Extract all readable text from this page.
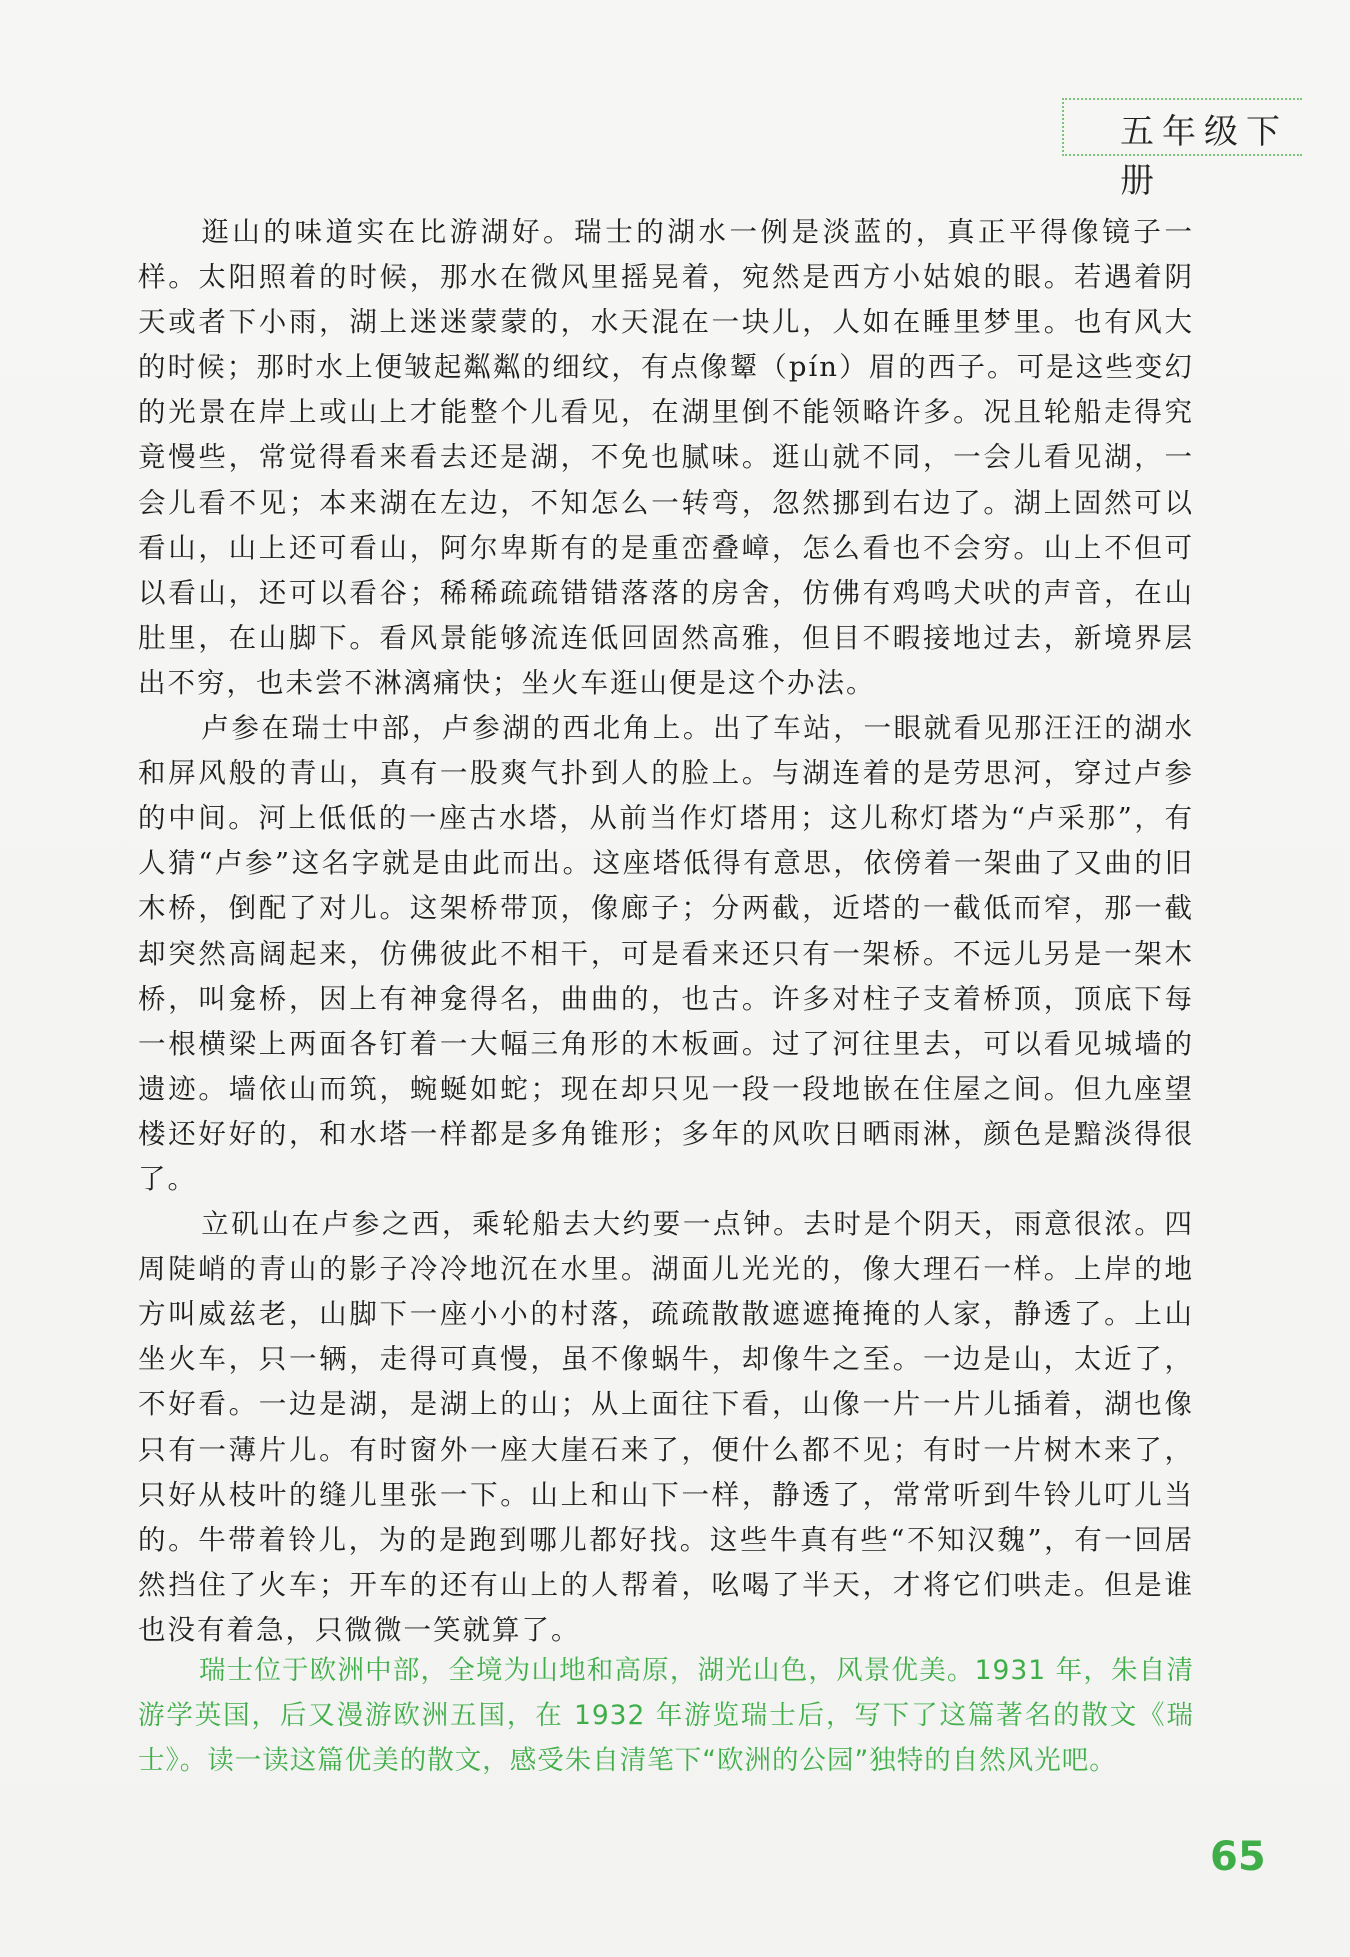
五年级下册

逛山的味道实在比游湖好。瑞士的湖水一例是淡蓝的，真正平得像镜子一样。太阳照着的时候，那水在微风里摇晃着，宛然是西方小姑娘的眼。若遇着阴天或者下小雨，湖上迷迷蒙蒙的，水天混在一块儿，人如在睡里梦里。也有风大的时候；那时水上便皱起粼粼的细纹，有点像颦（pín）眉的西子。可是这些变幻的光景在岸上或山上才能整个儿看见，在湖里倒不能领略许多。况且轮船走得究竟慢些，常觉得看来看去还是湖，不免也腻味。逛山就不同，一会儿看见湖，一会儿看不见；本来湖在左边，不知怎么一转弯，忽然挪到右边了。湖上固然可以看山，山上还可看山，阿尔卑斯有的是重峦叠嶂，怎么看也不会穷。山上不但可以看山，还可以看谷；稀稀疏疏错错落落的房舍，仿佛有鸡鸣犬吠的声音，在山肚里，在山脚下。看风景能够流连低回固然高雅，但目不暇接地过去，新境界层出不穷，也未尝不淋漓痛快；坐火车逛山便是这个办法。

卢参在瑞士中部，卢参湖的西北角上。出了车站，一眼就看见那汪汪的湖水和屏风般的青山，真有一股爽气扑到人的脸上。与湖连着的是劳思河，穿过卢参的中间。河上低低的一座古水塔，从前当作灯塔用；这儿称灯塔为“卢采那”，有人猜“卢参”这名字就是由此而出。这座塔低得有意思，依傍着一架曲了又曲的旧木桥，倒配了对儿。这架桥带顶，像廊子；分两截，近塔的一截低而窄，那一截却突然高阔起来，仿佛彼此不相干，可是看来还只有一架桥。不远儿另是一架木桥，叫龛桥，因上有神龛得名，曲曲的，也古。许多对柱子支着桥顶，顶底下每一根横梁上两面各钉着一大幅三角形的木板画。过了河往里去，可以看见城墙的遗迹。墙依山而筑，蜿蜒如蛇；现在却只见一段一段地嵌在住屋之间。但九座望楼还好好的，和水塔一样都是多角锥形；多年的风吹日晒雨淋，颜色是黯淡得很了。

立矶山在卢参之西，乘轮船去大约要一点钟。去时是个阴天，雨意很浓。四周陡峭的青山的影子冷冷地沉在水里。湖面儿光光的，像大理石一样。上岸的地方叫威兹老，山脚下一座小小的村落，疏疏散散遮遮掩掩的人家，静透了。上山坐火车，只一辆，走得可真慢，虽不像蜗牛，却像牛之至。一边是山，太近了，不好看。一边是湖，是湖上的山；从上面往下看，山像一片一片儿插着，湖也像只有一薄片儿。有时窗外一座大崖石来了，便什么都不见；有时一片树木来了，只好从枝叶的缝儿里张一下。山上和山下一样，静透了，常常听到牛铃儿叮儿当的。牛带着铃儿，为的是跑到哪儿都好找。这些牛真有些“不知汉魏”，有一回居然挡住了火车；开车的还有山上的人帮着，吆喝了半天，才将它们哄走。但是谁也没有着急，只微微一笑就算了。

瑞士位于欧洲中部，全境为山地和高原，湖光山色，风景优美。1931 年，朱自清游学英国，后又漫游欧洲五国，在 1932 年游览瑞士后，写下了这篇著名的散文《瑞士》。读一读这篇优美的散文，感受朱自清笔下“欧洲的公园”独特的自然风光吧。

65
